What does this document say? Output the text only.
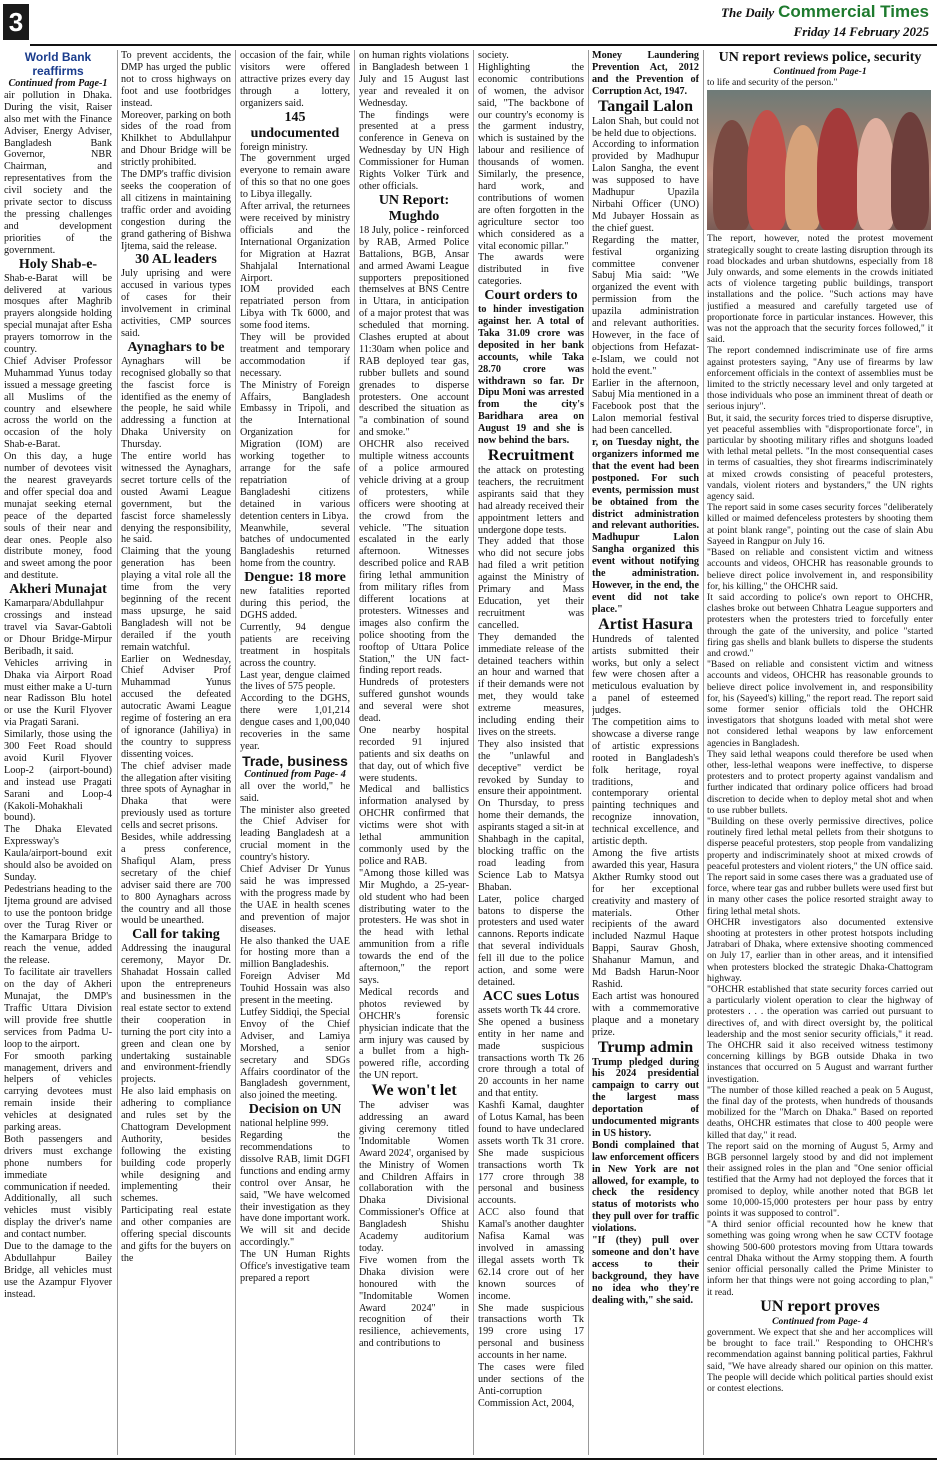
3	The Daily Commercial Times
Friday 14 February 2025

World Bank reaffirms

Continued from Page-1

air pollution in Dhaka. During the visit, Raiser also met with the Finance Adviser, Energy Adviser, Bangladesh Bank Governor, NBR Chairman, and representatives from the civil society and the private sector to discuss the pressing challenges and development priorities of the government.

Holy Shab-e-

Shab-e-Barat will be delivered at various mosques after Maghrib prayers alongside holding special munajat after Esha prayers tomorrow in the country.

Chief Adviser Professor Muhammad Yunus today issued a message greeting all Muslims of the country and elsewhere across the world on the occasion of the holy Shab-e-Barat.

On this day, a huge number of devotees visit the nearest graveyards and offer special doa and munajat seeking eternal peace of the departed souls of their near and dear ones. People also distribute money, food and sweet among the poor and destitute.

Akheri Munajat

Kamarpara/Abdullahpur crossings and instead travel via Savar-Gabtoli or Dhour Bridge-Mirpur Beribadh, it said.

Vehicles arriving in Dhaka via Airport Road must either make a U-turn near Radisson Blu hotel or use the Kuril Flyover via Pragati Sarani.

Similarly, those using the 300 Feet Road should avoid Kuril Flyover Loop-2 (airport-bound) and instead use Pragati Sarani and Loop-4 (Kakoli-Mohakhali bound).

The Dhaka Elevated Expressway's Kaula/airport-bound exit should also be avoided on Sunday.

Pedestrians heading to the Ijtema ground are advised to use the pontoon bridge over the Turag River or the Kamarpara Bridge to reach the venue, added the release.

To facilitate air travellers on the day of Akheri Munajat, the DMP's Traffic Uttara Division will provide free shuttle services from Padma U-loop to the airport.

For smooth parking management, drivers and helpers of vehicles carrying devotees must remain inside their vehicles at designated parking areas.

Both passengers and drivers must exchange phone numbers for immediate communication if needed.

Additionally, all such vehicles must visibly display the driver's name and contact number.

Due to the damage to the Abdullahpur Bailey Bridge, all vehicles must use the Azampur Flyover instead.

To prevent accidents, the DMP has urged the public not to cross highways on foot and use footbridges instead.

Moreover, parking on both sides of the road from Khilkhet to Abdullahpur and Dhour Bridge will be strictly prohibited.

The DMP's traffic division seeks the cooperation of all citizens in maintaining traffic order and avoiding congestion during the grand gathering of Bishwa Ijtema, said the release.

30 AL leaders

July uprising and were accused in various types of cases for their involvement in criminal activities, CMP sources said.

Aynaghars to be

Aynaghars will be recognised globally so that the fascist force is identified as the enemy of the people, he said while addressing a function at Dhaka University on Thursday.

The entire world has witnessed the Aynaghars, secret torture cells of the ousted Awami League government, but the fascist force shamelessly denying the responsibility, he said.

Claiming that the young generation has been playing a vital role all the time from the very beginning of the recent mass upsurge, he said Bangladesh will not be derailed if the youth remain watchful.

Earlier on Wednesday, Chief Adviser Prof Muhammad Yunus accused the defeated autocratic Awami League regime of fostering an era of ignorance (Jahiliya) in the country to suppress dissenting voices.

The chief adviser made the allegation after visiting three spots of Aynaghar in Dhaka that were previously used as torture cells and secret prisons.

Besides, while addressing a press conference, Shafiqul Alam, press secretary of the chief adviser said there are 700 to 800 Aynaghars across the country and all those would be unearthed.

Call for taking

Addressing the inaugural ceremony, Mayor Dr. Shahadat Hossain called upon the entrepreneurs and businessmen in the real estate sector to extend their cooperation in turning the port city into a green and clean one by undertaking sustainable and environment-friendly projects.

He also laid emphasis on adhering to compliance and rules set by the Chattogram Development Authority, besides following the existing building code properly while designing and implementing their schemes.

Participating real estate and other companies are offering special discounts and gifts for the buyers on the

occasion of the fair, while visitors were offered attractive prizes every day through a lottery, organizers said.

145 undocumented

foreign ministry.

The government urged everyone to remain aware of this so that no one goes to Libya illegally.

After arrival, the returnees were received by ministry officials and the International Organization for Migration at Hazrat Shahjalal International Airport.

IOM provided each repatriated person from Libya with Tk 6000, and some food items.

They will be provided treatment and temporary accommodation if necessary.

The Ministry of Foreign Affairs, Bangladesh Embassy in Tripoli, and the International Organization for Migration (IOM) are working together to arrange for the safe repatriation of Bangladeshi citizens detained in various detention centers in Libya.

Meanwhile, several batches of undocumented Bangladeshis returned home from the country.

Dengue: 18 more

new fatalities reported during this period, the DGHS added.

Currently, 94 dengue patients are receiving treatment in hospitals across the country.

Last year, dengue claimed the lives of 575 people.

According to the DGHS, there were 1,01,214 dengue cases and 1,00,040 recoveries in the same year.

Trade, business

Continued from Page- 4

all over the world," he said.

The minister also greeted the Chief Adviser for leading Bangladesh at a crucial moment in the country's history.

Chief Adviser Dr Yunus said he was impressed with the progress made by the UAE in health scenes and prevention of major diseases.

He also thanked the UAE for hosting more than a million Bangladeshis.

Foreign Adviser Md Touhid Hossain was also present in the meeting.

Lutfey Siddiqi, the Special Envoy of the Chief Adviser, and Lamiya Morshed, a senior secretary and SDGs Affairs coordinator of the Bangladesh government, also joined the meeting.

Decision on UN

national helpline 999.

Regarding the recommendations to dissolve RAB, limit DGFI functions and ending army control over Ansar, he said, "We have welcomed their investigation as they have done important work. We will sit and decide accordingly."

The UN Human Rights Office's investigative team prepared a report

on human rights violations in Bangladesh between 1 July and 15 August last year and revealed it on Wednesday.

The findings were presented at a press conference in Geneva on Wednesday by UN High Commissioner for Human Rights Volker Türk and other officials.

UN Report: Mughdo

18 July, police - reinforced by RAB, Armed Police Battalions, BGB, Ansar and armed Awami League supporters prepositioned themselves at BNS Centre in Uttara, in anticipation of a major protest that was scheduled that morning. Clashes erupted at about 11:30am when police and RAB deployed tear gas, rubber bullets and sound grenades to disperse protesters. One account described the situation as "a combination of sound and smoke."

OHCHR also received multiple witness accounts of a police armoured vehicle driving at a group of protesters, while officers were shooting at the crowd from the vehicle. "The situation escalated in the early afternoon. Witnesses described police and RAB firing lethal ammunition from military rifles from different locations at protesters. Witnesses and images also confirm the police shooting from the rooftop of Uttara Police Station," the UN fact-finding report reads.

Hundreds of protesters suffered gunshot wounds and several were shot dead.

One nearby hospital recorded 91 injured patients and six deaths on that day, out of which five were students.

Medical and ballistics information analysed by OHCHR confirmed that victims were shot with lethal ammunition commonly used by the police and RAB.

"Among those killed was Mir Mughdo, a 25-year-old student who had been distributing water to the protesters. He was shot in the head with lethal ammunition from a rifle towards the end of the afternoon," the report says.

Medical records and photos reviewed by OHCHR's forensic physician indicate that the arm injury was caused by a bullet from a high-powered rifle, according the UN report.

We won't let

The adviser was addressing an award giving ceremony titled 'Indomitable Women Award 2024', organised by the Ministry of Women and Children Affairs in collaboration with the Dhaka Divisional Commissioner's Office at Bangladesh Shishu Academy auditorium today.

Five women from the Dhaka division were honoured with the "Indomitable Women Award 2024" in recognition of their resilience, achievements, and contributions to

society.

Highlighting the economic contributions of women, the advisor said, "The backbone of our country's economy is the garment industry, which is sustained by the labour and resilience of thousands of women. Similarly, the presence, hard work, and contributions of women are often forgotten in the agriculture sector too which considered as a vital economic pillar."

The awards were distributed in five categories.

Court orders to

to hinder investigation against her. A total of Taka 31.09 crore was deposited in her bank accounts, while Taka 28.70 crore was withdrawn so far. Dr Dipu Moni was arrested from the city's Baridhara area on August 19 and she is now behind the bars.

Recruitment

the attack on protesting teachers, the recruitment aspirants said that they had already received their appointment letters and undergone dope tests.

They added that those who did not secure jobs had filed a writ petition against the Ministry of Primary and Mass Education, yet their recruitment was cancelled.

They demanded the immediate release of the detained teachers within an hour and warned that if their demands were not met, they would take extreme measures, including ending their lives on the streets.

They also insisted that the "unlawful and deceptive" verdict be revoked by Sunday to ensure their appointment.

On Thursday, to press home their demands, the aspirants staged a sit-in at Shahbagh in the capital, blocking traffic on the road leading from Science Lab to Matsya Bhaban.

Later, police charged batons to disperse the protesters and used water cannons. Reports indicate that several individuals fell ill due to the police action, and some were detained.

ACC sues Lotus

assets worth Tk 44 crore.

She opened a business entity in her name and made suspicious transactions worth Tk 26 crore through a total of 20 accounts in her name and that entity.

Kashfi Kamal, daughter of Lotus Kamal, has been found to have undeclared assets worth Tk 31 crore. She made suspicious transactions worth Tk 177 crore through 38 personal and business accounts.

ACC also found that Kamal's another daughter Nafisa Kamal was involved in amassing illegal assets worth Tk 62.14 crore out of her known sources of income.

She made suspicious transactions worth Tk 199 crore using 17 personal and business accounts in her name.

The cases were filed under sections of the Anti-corruption Commission Act, 2004,

Money Laundering Prevention Act, 2012 and the Prevention of Corruption Act, 1947.

Tangail Lalon

Lalon Shah, but could not be held due to objections.

According to information provided by Madhupur Lalon Sangha, the event was supposed to have Madhupur Upazila Nirbahi Officer (UNO) Md Jubayer Hossain as the chief guest.

Regarding the matter, festival organizing committee convener Sabuj Mia said: "We organized the event with permission from the upazila administration and relevant authorities. However, in the face of objections from Hefazat-e-Islam, we could not hold the event."

Earlier in the afternoon, Sabuj Mia mentioned in a Facebook post that the Lalon memorial festival had been cancelled.

r, on Tuesday night, the organizers informed me that the event had been postponed. For such events, permission must be obtained from the district administration and relevant authorities. Madhupur Lalon Sangha organized this event without notifying the administration. However, in the end, the event did not take place."

Artist Hasura

Hundreds of talented artists submitted their works, but only a select few were chosen after a meticulous evaluation by a panel of esteemed judges.

The competition aims to showcase a diverse range of artistic expressions rooted in Bangladesh's folk heritage, royal traditions, and contemporary oriental painting techniques and recognize innovation, technical excellence, and artistic depth.

Among the five artists awarded this year, Hasura Akther Rumky stood out for her exceptional creativity and mastery of materials. Other recipients of the award included Nazmul Haque Bappi, Saurav Ghosh, Shahanur Mamun, and Md Badsh Harun-Noor Rashid.

Each artist was honoured with a commemorative plaque and a monetary prize.

Trump admin

Trump pledged during his 2024 presidential campaign to carry out the largest mass deportation of undocumented migrants in US history.

Bondi complained that law enforcement officers in New York are not allowed, for example, to check the residency status of motorists who they pull over for traffic violations.

"If (they) pull over someone and don't have access to their background, they have no idea who they're dealing with," she said.

UN report reviews police, security

Continued from Page-1

to life and security of the person."

The report, however, noted the protest movement strategically sought to create lasting disruption through its road blockades and urban shutdowns, especially from 18 July onwards, and some elements in the crowds initiated acts of violence targeting public buildings, transport installations and the police. "Such actions may have justified a measured and carefully targeted use of proportionate force in particular instances. However, this was not the approach that the security forces followed," it said.

The report condemned indiscriminate use of fire arms against protesters saying, "Any use of firearms by law enforcement officials in the context of assemblies must be limited to the strictly necessary level and only targeted at those individuals who pose an imminent threat of death or serious injury".

But, it said, the security forces tried to disperse disruptive, yet peaceful assemblies with "disproportionate force", in particular by shooting military rifles and shotguns loaded with lethal metal pellets. "In the most consequential cases in terms of casualties, they shot firearms indiscriminately at mixed crowds consisting of peaceful protesters, vandals, violent rioters and bystanders," the UN rights agency said.

The report said in some cases security forces "deliberately killed or maimed defenceless protesters by shooting them at point blank range", pointing out the case of slain Abu Sayeed in Rangpur on July 16.

"Based on reliable and consistent victim and witness accounts and videos, OHCHR has reasonable grounds to believe direct police involvement in, and responsibility for, his killing," the OHCHR said.

It said according to police's own report to OHCHR, clashes broke out between Chhatra League supporters and protesters when the protesters tried to forcefully enter through the gate of the university, and police "started firing gas shells and blank bullets to disperse the students and crowd."

"Based on reliable and consistent victim and witness accounts and videos, OHCHR has reasonable grounds to believe direct police involvement in, and responsibility for, his (Sayeed's) killing," the report read. The report said some former senior officials told the OHCHR investigators that shotguns loaded with metal shot were not considered lethal weapons by law enforcement agencies in Bangladesh.

They said lethal weapons could therefore be used when other, less-lethal weapons were ineffective, to disperse protesters and to protect property against vandalism and further indicated that ordinary police officers had broad discretion to decide when to deploy metal shot and when to use rubber bullets.

"Building on these overly permissive directives, police routinely fired lethal metal pellets from their shotguns to disperse peaceful protesters, stop people from vandalizing property and indiscriminately shoot at mixed crowds of peaceful protesters and violent rioters," the UN office said.

The report said in some cases there was a graduated use of force, where tear gas and rubber bullets were used first but in many other cases the police resorted straight away to firing lethal metal shots.

OHCHR investigators also documented extensive shooting at protesters in other protest hotspots including Jatrabari of Dhaka, where extensive shooting commenced on July 17, earlier than in other areas, and it intensified when protesters blocked the strategic Dhaka-Chattogram highway.

"OHCHR established that state security forces carried out a particularly violent operation to clear the highway of protesters . . . the operation was carried out pursuant to directives of, and with direct oversight by, the political leadership and the most senior security officials," it read. The OHCHR said it also received witness testimony concerning killings by BGB outside Dhaka in two instances that occurred on 5 August and warrant further investigation.

"The number of those killed reached a peak on 5 August, the final day of the protests, when hundreds of thousands mobilized for the "March on Dhaka." Based on reported deaths, OHCHR estimates that close to 400 people were killed that day," it read.

The report said on the morning of August 5, Army and BGB personnel largely stood by and did not implement their assigned roles in the plan and "One senior official testified that the Army had not deployed the forces that it promised to deploy, while another noted that BGB let some 10,000-15,000 protesters per hour pass by entry points it was supposed to control".

"A third senior official recounted how he knew that something was going wrong when he saw CCTV footage showing 500-600 protestors moving from Uttara towards central Dhaka without the Army stopping them. A fourth senior official personally called the Prime Minister to inform her that things were not going according to plan," it read.

UN report proves

Continued from Page- 4

government. We expect that she and her accomplices will be brought to face trail." Responding to OHCHR's recommendation against banning political parties, Fakhrul said, "We have already shared our opinion on this matter. The people will decide which political parties should exist or contest elections.
